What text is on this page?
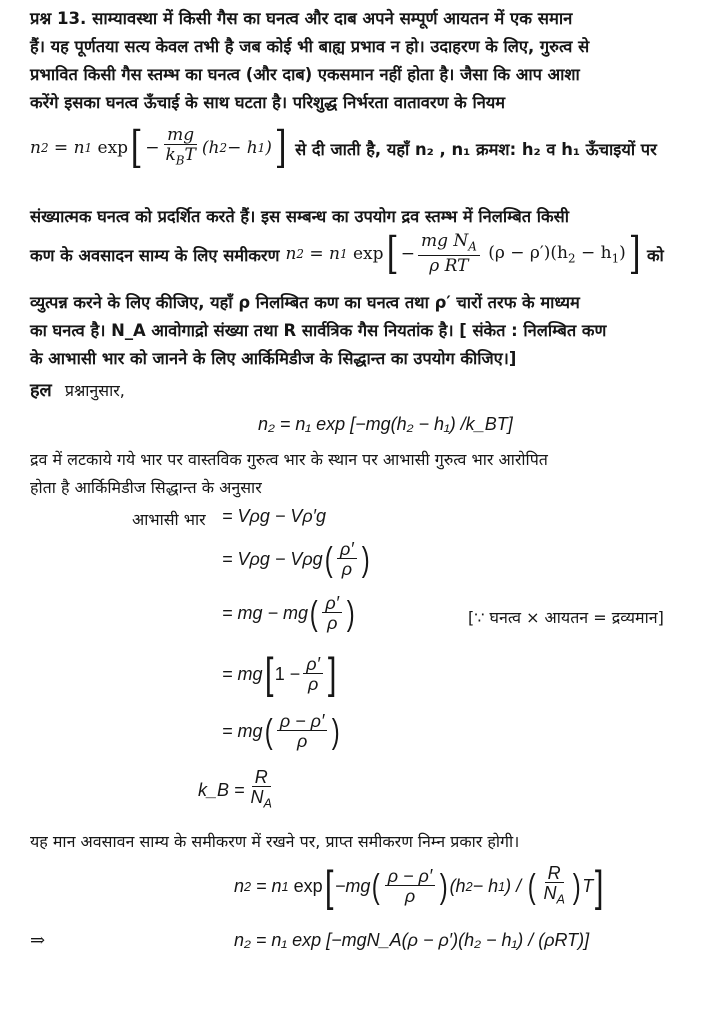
प्रश्न 13. साम्यावस्था में किसी गैस का घनत्व और दाब अपने सम्पूर्ण आयतन में एक समान
हैं। यह पूर्णतया सत्य केवल तभी है जब कोई भी बाह्य प्रभाव न हो। उदाहरण के लिए, गुरुत्व से
प्रभावित किसी गैस स्तम्भ का घनत्व (और दाब) एकसमान नहीं होता है। जैसा कि आप आशा
करेंगे इसका घनत्व ऊँचाई के साथ घटता है। परिशुद्ध निर्भरता वातावरण के नियम
n 2 = n 1
exp [ − $\frac{mg}{k_BT} (h$ 2 − h 1 ) ] से दी जाती है, यहाँ n₂ , n₁ क्रमश: h₂ व h₁ ऊँचाइयों पर
संख्यात्मक घनत्व को प्रदर्शित करते हैं। इस सम्बन्ध का उपयोग द्रव स्तम्भ में निलम्बित किसी
कण के अवसादन साम्य के लिए समीकरण n 2 = n 1
exp [ − $\frac{mg N_A}{\text{ρ RT}} (\rho - \rho')(h_2 - h_1)$ ] को
व्युत्पन्न करने के लिए कीजिए, यहाँ ρ निलम्बित कण का घनत्व तथा ρ′ चारों तरफ के माध्यम
का घनत्व है। N_A आवोगाद्रो संख्या तथा R सार्वत्रिक गैस नियतांक है। [ संकेत : निलम्बित कण
के आभासी भार को जानने के लिए आर्किमिडीज के सिद्धान्त का उपयोग कीजिए।]
हल प्रश्नानुसार,
n₂ = n₁ exp [−mg(h₂ − h₁) /k_BT]
द्रव में लटकाये गये भार पर वास्तविक गुरुत्व भार के स्थान पर आभासी गुरुत्व भार आरोपित
होता है आर्किमिडीज सिद्धान्त के अनुसार
आभासी भार = Vρg − Vρ′g
= Vρg − Vρg ( $\frac{\rho'}{\rho}$ )
= mg − mg ( $\frac{\rho'}{\rho}$ )	[∵ घनत्व × आयतन = द्रव्यमान]
= mg [ $1 - \frac{\rho'}{\rho}$ ]
= mg ( $\frac{\rho - \rho'}{\rho}$ )
k_B = $\frac{R}{N_A}$
यह मान अवसावन साम्य के समीकरण में रखने पर, प्राप्त समीकरण निम्न प्रकार होगी।
n 2 = n 1
exp [ −mg ( $\frac{\rho - \rho'}{\rho}$ ) (h 2 − h 1 ) / ( $\frac{R}{N_A}$ ) T ]
⇒	n₂ = n₁ exp [−mgN_A(ρ − ρ′)(h₂ − h₁) / (ρRT)]
